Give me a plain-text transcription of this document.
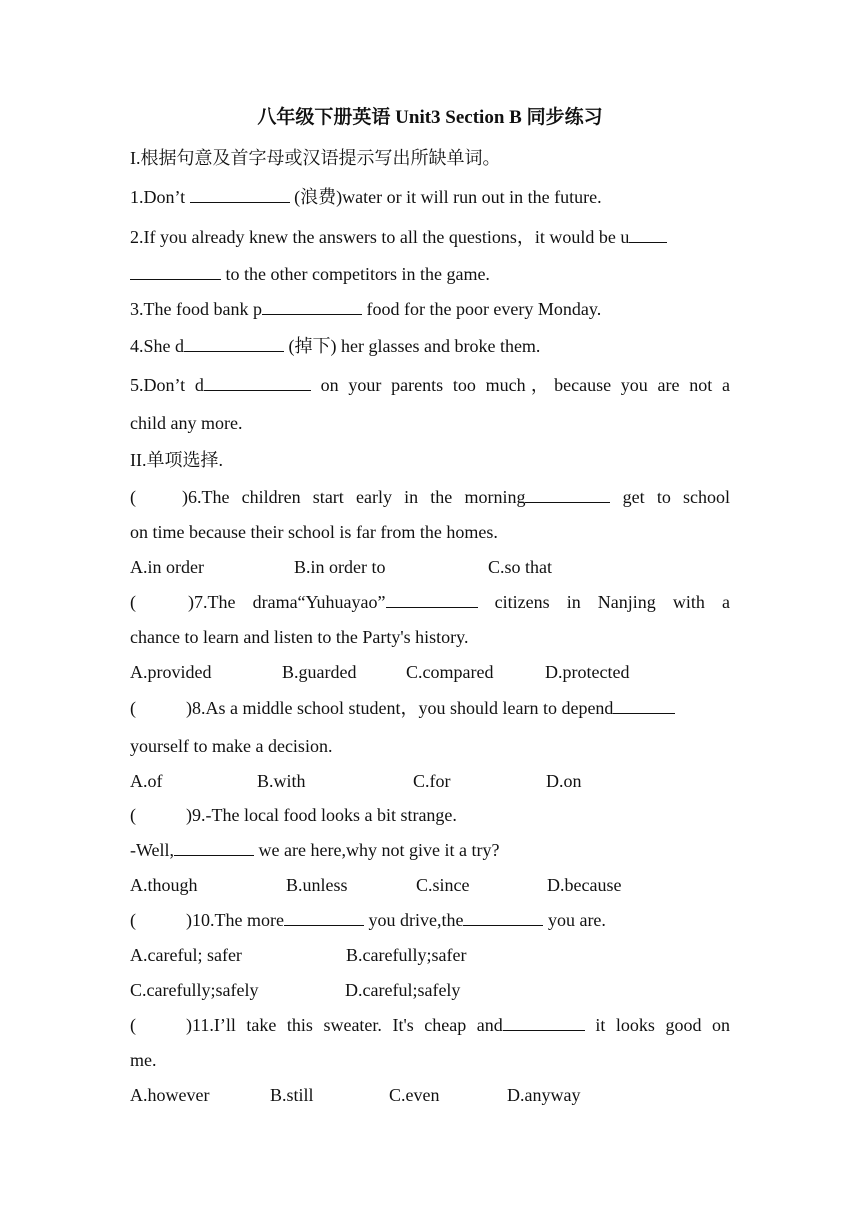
八年级下册英语 Unit3 Section B 同步练习
I.根据句意及首字母或汉语提示写出所缺单词。
1.Don’t	(浪费)water or it will run out in the future.
2.If you already knew the answers to all the questions，it would be u
to the other competitors in the game.
3.The food bank p	food for the poor every Monday.
4.She d	(掉下) her glasses and broke them.
5.Don’t d	on your parents too much，because you are not a
child any more.
II.单项选择.
(	)6.The children start early in the morning	get to school
on time because their school is far from the homes.
A.in order	B.in order to	C.so that
(	)7.The drama“Yuhuayao”	citizens in Nanjing with a
chance to learn and listen to the Party's history.
A.provided	B.guarded	C.compared	D.protected
(	)8.As a middle school student，you should learn to depend
yourself to make a decision.
A.of	B.with	C.for	D.on
(	)9.-The local food looks a bit strange.
-Well,	we are here,why not give it a try?
A.though	B.unless	C.since	D.because
(	)10.The more	you drive,the	you are.
A.careful; safer	B.carefully;safer
C.carefully;safely	D.careful;safely
(	)11.I’ll take this sweater. It's cheap and	it looks good on
me.
A.however	B.still	C.even	D.anyway
